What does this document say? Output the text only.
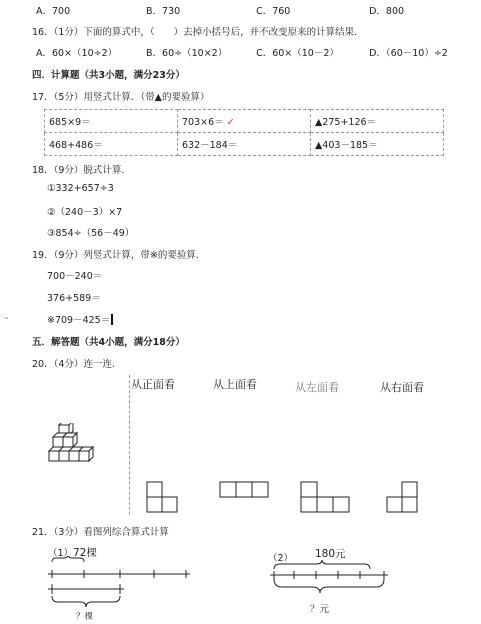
A．700	B．730	C．760	D．800
16．（1分）下面的算式中，（　　）去掉小括号后，并不改变原来的计算结果．
A．60×（10÷2）	B．60÷（10×2）	C．60×（10－2）	D．（60－10）÷2
四．计算题（共3小题，满分23分）
17．（5分）用竖式计算．（带▲的要验算）
685×9＝	703×6＝ ✓	▲275+126＝
468+486＝	632－184＝	▲403－185＝
18．（9分）脱式计算．
①332+657÷3
②（240－3）×7
③854÷（56－49）
19．（9分）列竖式计算，带※的要验算．
700－240＝
376+589＝
※709－425＝
⌄
五．解答题（共4小题，满分18分）
20．（4分）连一连．
从正面看	从上面看	从左面看	从右面看
21．（3分）看图列综合算式计算
（1）72棵
？棵
（2） 180元
？元
